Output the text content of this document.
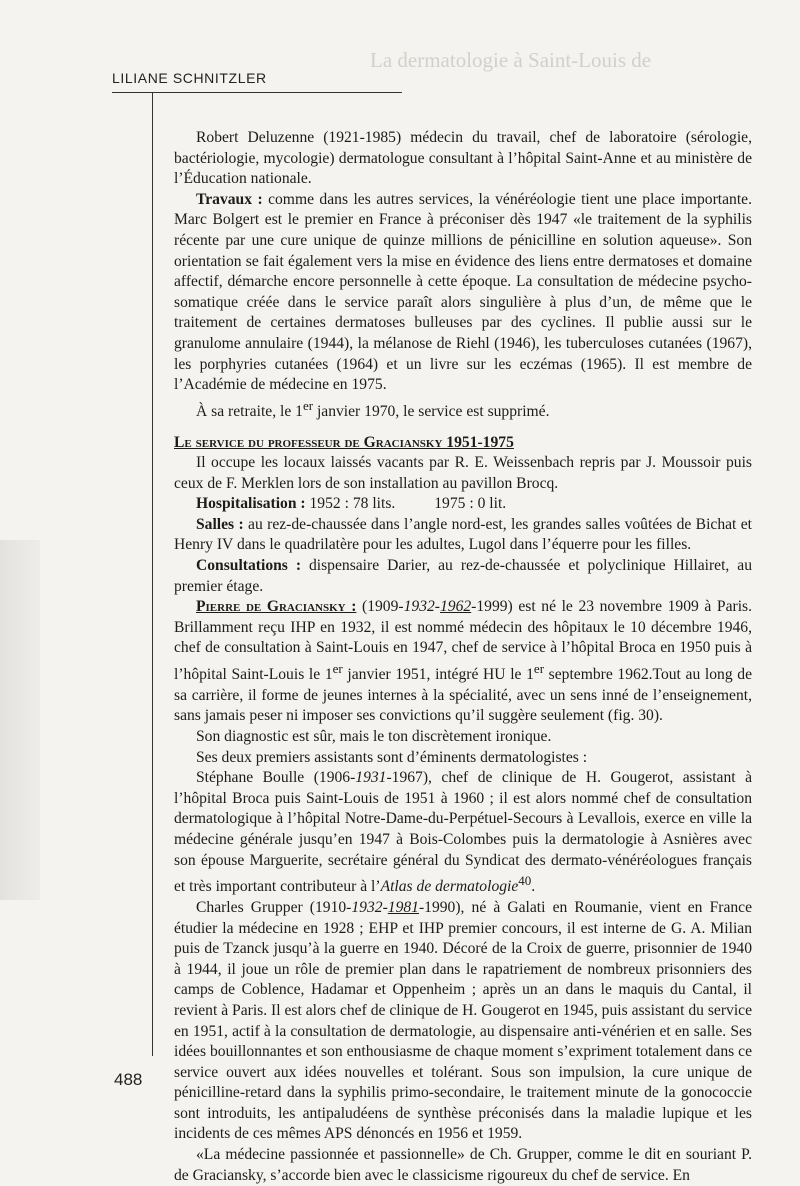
La dermatologie à Saint-Louis de
LILIANE SCHNITZLER

Robert Deluzenne (1921-1985) médecin du travail, chef de laboratoire (sérologie, bactériologie, mycologie) dermatologue consultant à l’hôpital Saint-Anne et au ministère de l’Éducation nationale.

Travaux : comme dans les autres services, la vénéréologie tient une place importante. Marc Bolgert est le premier en France à préconiser dès 1947 «le traitement de la syphilis récente par une cure unique de quinze millions de pénicilline en solution aqueuse». Son orientation se fait également vers la mise en évidence des liens entre dermatoses et domaine affectif, démarche encore personnelle à cette époque. La consultation de médecine psycho-somatique créée dans le service paraît alors singulière à plus d’un, de même que le traitement de certaines dermatoses bulleuses par des cyclines. Il publie aussi sur le granulome annulaire (1944), la mélanose de Riehl (1946), les tuberculoses cutanées (1967), les porphyries cutanées (1964) et un livre sur les eczémas (1965). Il est membre de l’Académie de médecine en 1975.

À sa retraite, le 1er janvier 1970, le service est supprimé.

Le service du professeur de Graciansky 1951-1975

Il occupe les locaux laissés vacants par R. E. Weissenbach repris par J. Moussoir puis ceux de F. Merklen lors de son installation au pavillon Brocq.

Hospitalisation : 1952 : 78 lits.          1975 : 0 lit.

Salles : au rez-de-chaussée dans l’angle nord-est, les grandes salles voûtées de Bichat et Henry IV dans le quadrilatère pour les adultes, Lugol dans l’équerre pour les filles.

Consultations : dispensaire Darier, au rez-de-chaussée et polyclinique Hillairet, au premier étage.

Pierre de Graciansky : (1909-1932-1962-1999) est né le 23 novembre 1909 à Paris. Brillamment reçu IHP en 1932, il est nommé médecin des hôpitaux le 10 décembre 1946, chef de consultation à Saint-Louis en 1947, chef de service à l’hôpital Broca en 1950 puis à l’hôpital Saint-Louis le 1er janvier 1951, intégré HU le 1er septembre 1962.Tout au long de sa carrière, il forme de jeunes internes à la spécialité, avec un sens inné de l’enseignement, sans jamais peser ni imposer ses convictions qu’il suggère seulement (fig. 30).

Son diagnostic est sûr, mais le ton discrètement ironique.

Ses deux premiers assistants sont d’éminents dermatologistes :

Stéphane Boulle (1906-1931-1967), chef de clinique de H. Gougerot, assistant à l’hôpital Broca puis Saint-Louis de 1951 à 1960 ; il est alors nommé chef de consultation dermatologique à l’hôpital Notre-Dame-du-Perpétuel-Secours à Levallois, exerce en ville la médecine générale jusqu’en 1947 à Bois-Colombes puis la dermatologie à Asnières avec son épouse Marguerite, secrétaire général du Syndicat des dermato-vénéréologues français et très important contributeur à l’Atlas de dermatologie$^{40}$.

Charles Grupper (1910-1932-1981-1990), né à Galati en Roumanie, vient en France étudier la médecine en 1928 ; EHP et IHP premier concours, il est interne de G. A. Milian puis de Tzanck jusqu’à la guerre en 1940. Décoré de la Croix de guerre, prisonnier de 1940 à 1944, il joue un rôle de premier plan dans le rapatriement de nombreux prisonniers des camps de Coblence, Hadamar et Oppenheim ; après un an dans le maquis du Cantal, il revient à Paris. Il est alors chef de clinique de H. Gougerot en 1945, puis assistant du service en 1951, actif à la consultation de dermatologie, au dispensaire anti-vénérien et en salle. Ses idées bouillonnantes et son enthousiasme de chaque moment s’expriment totalement dans ce service ouvert aux idées nouvelles et tolérant. Sous son impulsion, la cure unique de pénicilline-retard dans la syphilis primo-secondaire, le traitement minute de la gonococcie sont introduits, les antipaludéens de synthèse préconisés dans la maladie lupique et les incidents de ces mêmes APS dénoncés en 1956 et 1959.

«La médecine passionnée et passionnelle» de Ch. Grupper, comme le dit en souriant P. de Graciansky, s’accorde bien avec le classicisme rigoureux du chef de service. En

488
